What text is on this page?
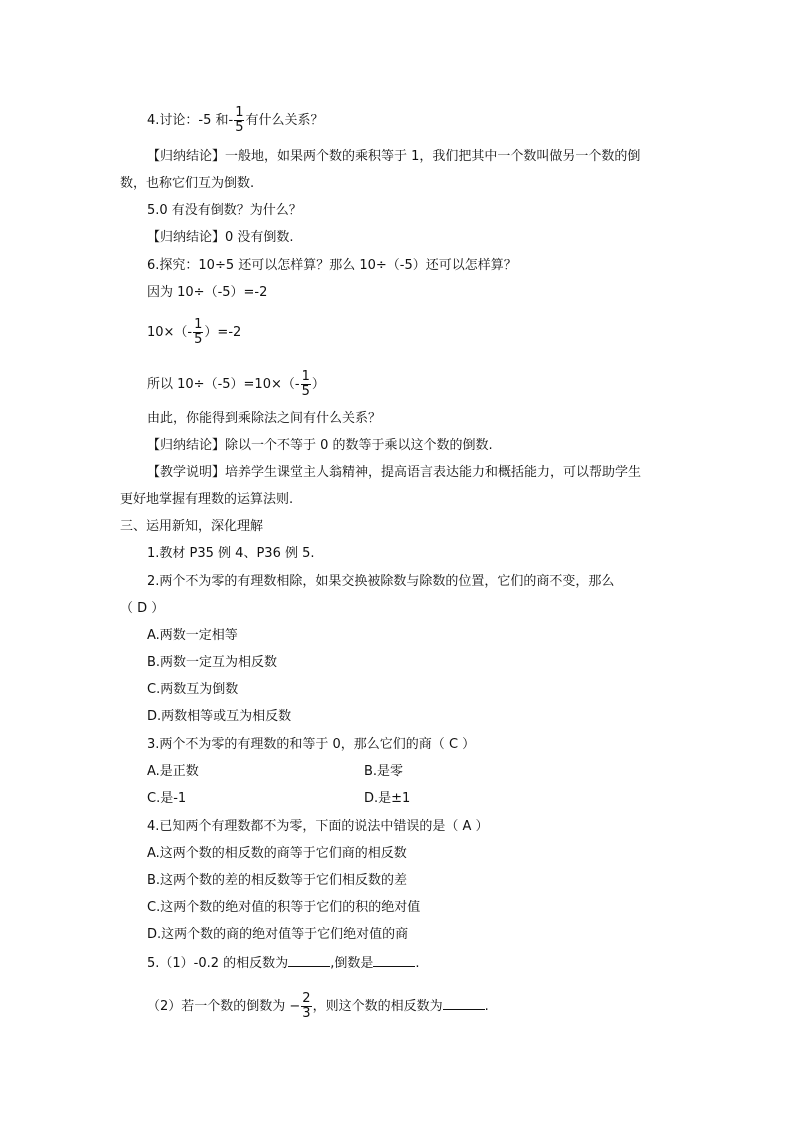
4.讨论：-5 和- $\frac{1}{5}$ 有什么关系？
【归纳结论】一般地，如果两个数的乘积等于 1，我们把其中一个数叫做另一个数的倒
数，也称它们互为倒数.
5.0 有没有倒数？为什么？
【归纳结论】0 没有倒数.
6.探究：10÷5 还可以怎样算？那么 10÷（-5）还可以怎样算？
因为 10÷（-5）=-2
$10\times(- \frac{1}{5} )=-2$
所以 $10\div(-5)=10\times(- \frac{1}{5}$ ）
由此，你能得到乘除法之间有什么关系？
【归纳结论】除以一个不等于 0 的数等于乘以这个数的倒数.
【教学说明】培养学生课堂主人翁精神，提高语言表达能力和概括能力，可以帮助学生
更好地掌握有理数的运算法则.
三、运用新知，深化理解
1.教材 P35 例 4、P36 例 5.
2.两个不为零的有理数相除，如果交换被除数与除数的位置，它们的商不变，那么
（ D ）
A.两数一定相等
B.两数一定互为相反数
C.两数互为倒数
D.两数相等或互为相反数
3.两个不为零的有理数的和等于 0，那么它们的商（ C ）
A.是正数	B.是零
C.是-1	D.是±1
4.已知两个有理数都不为零，下面的说法中错误的是（ A ）
A.这两个数的相反数的商等于它们商的相反数
B.这两个数的差的相反数等于它们相反数的差
C.这两个数的绝对值的积等于它们的积的绝对值
D.这两个数的商的绝对值等于它们绝对值的商
5.（1）-0.2 的相反数为	,倒数是	.
（2）若一个数的倒数为 − $\frac{2}{3}$ ，则这个数的相反数为	.
